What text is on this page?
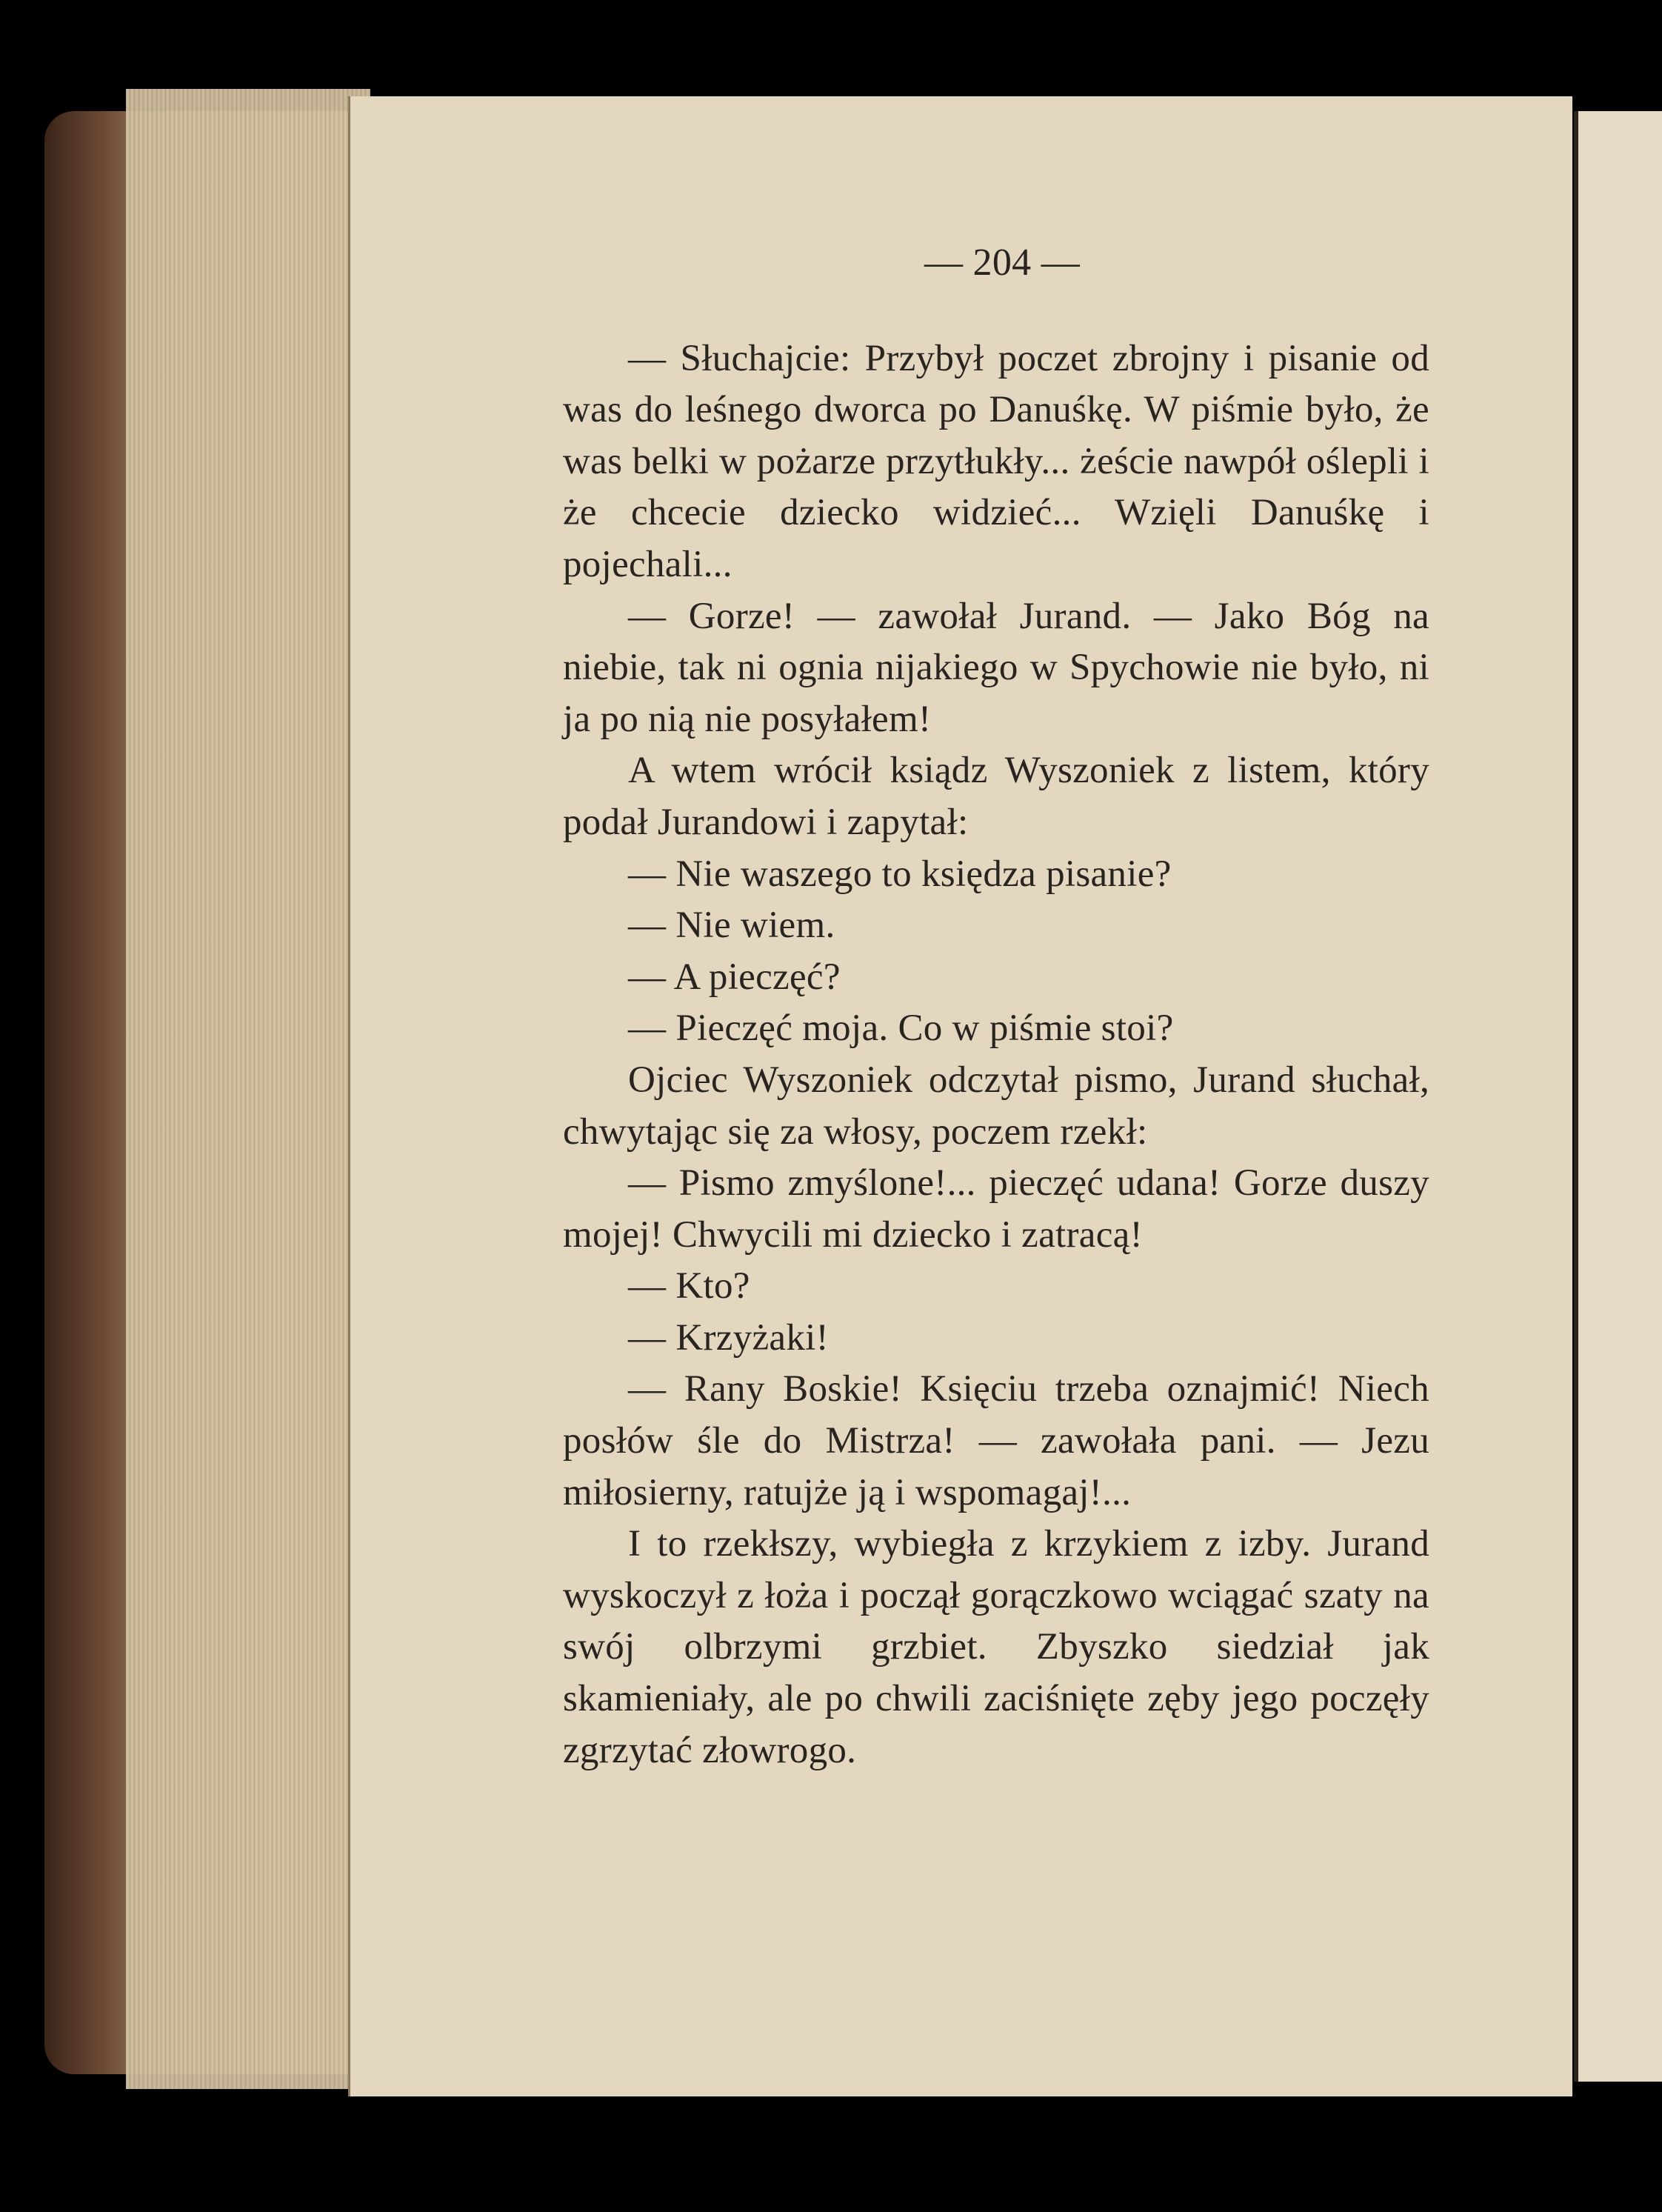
— 204 —

— Słuchajcie: Przybył poczet zbrojny i pisanie od was do leśnego dworca po Danuśkę. W piśmie było, że was belki w pożarze przytłukły... żeście nawpół oślepli i że chcecie dziecko widzieć... Wzięli Danuśkę i pojechali...

— Gorze! — zawołał Jurand. — Jako Bóg na niebie, tak ni ognia nijakiego w Spychowie nie było, ni ja po nią nie posyłałem!

A wtem wrócił ksiądz Wyszoniek z listem, który podał Jurandowi i zapytał:

— Nie waszego to księdza pisanie?

— Nie wiem.

— A pieczęć?

— Pieczęć moja. Co w piśmie stoi?

Ojciec Wyszoniek odczytał pismo, Jurand słuchał, chwytając się za włosy, poczem rzekł:

— Pismo zmyślone!... pieczęć udana! Gorze duszy mojej! Chwycili mi dziecko i zatracą!

— Kto?

— Krzyżaki!

— Rany Boskie! Księciu trzeba oznajmić! Niech posłów śle do Mistrza! — zawołała pani. — Jezu miłosierny, ratujże ją i wspomagaj!...

I to rzekłszy, wybiegła z krzykiem z izby. Jurand wyskoczył z łoża i począł gorączkowo wciągać szaty na swój olbrzymi grzbiet. Zbyszko siedział jak skamieniały, ale po chwili zaciśnięte zęby jego poczęły zgrzytać złowrogo.
